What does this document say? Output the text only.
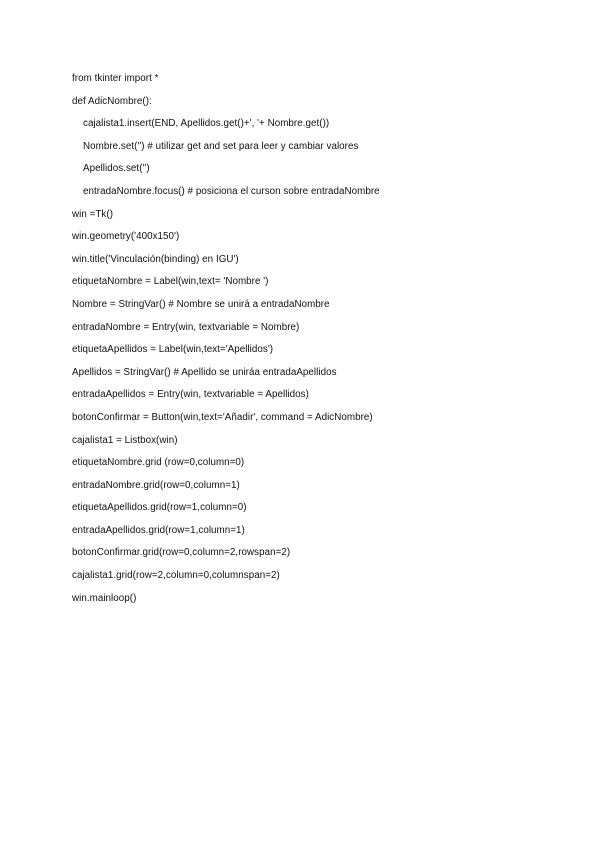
from tkinter import *
def AdicNombre():
cajalista1.insert(END, Apellidos.get()+', '+ Nombre.get())
Nombre.set('') # utilizar get and set para leer y cambiar valores
Apellidos.set('')
entradaNombre.focus() # posiciona el curson sobre entradaNombre
win =Tk()
win.geometry('400x150')
win.title('Vinculación(binding) en IGU')
etiquetaNombre = Label(win,text= 'Nombre ')
Nombre = StringVar() # Nombre se unirá a entradaNombre
entradaNombre = Entry(win, textvariable = Nombre)
etiquetaApellidos = Label(win,text='Apellidos')
Apellidos = StringVar() # Apellido se uniráa entradaApellidos
entradaApellidos = Entry(win, textvariable = Apellidos)
botonConfirmar = Button(win,text='Añadir', command = AdicNombre)
cajalista1 = Listbox(win)
etiquetaNombre.grid (row=0,column=0)
entradaNombre.grid(row=0,column=1)
etiquetaApellidos.grid(row=1,column=0)
entradaApellidos.grid(row=1,column=1)
botonConfirmar.grid(row=0,column=2,rowspan=2)
cajalista1.grid(row=2,column=0,columnspan=2)
win.mainloop()
